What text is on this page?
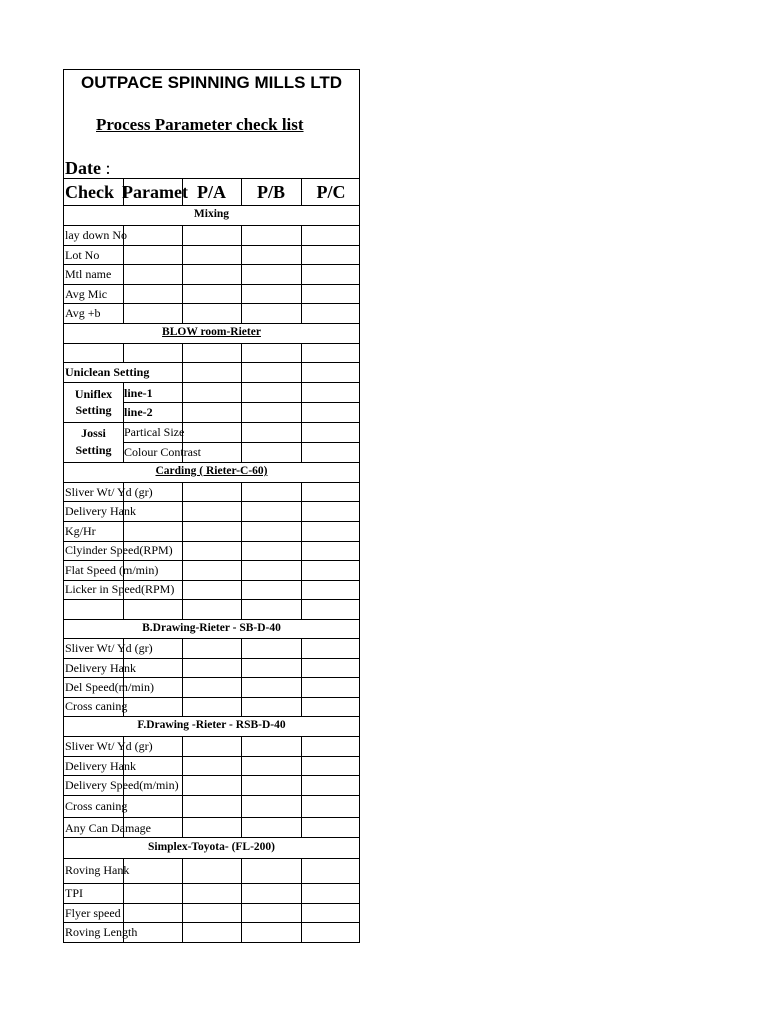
OUTPACE SPINNING MILLS LTD
Process Parameter check list
Date :
Check Paramet P/A	P/B	P/C
Mixing
BLOW room-Rieter
Carding ( Rieter-C-60)
B.Drawing-Rieter - SB-D-40
F.Drawing -Rieter - RSB-D-40
Simplex-Toyota- (FL-200)
lay down No
Lot No
Mtl name
Avg Mic
Avg +b
Uniclean Setting
Uniflex
Setting
line-1
line-2
Jossi
Setting
Partical Size
Colour Contrast
Sliver Wt/ Yd (gr)
Delivery Hank
Kg/Hr
Clyinder Speed(RPM)
Flat Speed (m/min)
Licker in Speed(RPM)
Sliver Wt/ Yd (gr)
Delivery Hank
Del Speed(m/min)
Cross caning
Sliver Wt/ Yd (gr)
Delivery Hank
Delivery Speed(m/min)
Cross caning
Any Can Damage
Roving Hank
TPI
Flyer speed
Roving Length
